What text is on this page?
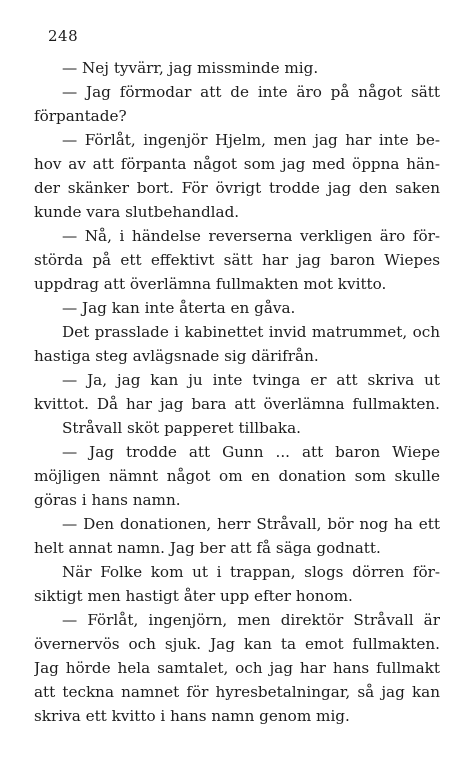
248
— Nej tyvärr, jag missminde mig.
— Jag förmodar att de inte äro på något sätt
förpantade?
— Förlåt, ingenjör Hjelm, men jag har inte be-
hov av att förpanta något som jag med öppna hän-
der skänker bort. För övrigt trodde jag den saken
kunde vara slutbehandlad.
— Nå, i händelse reverserna verkligen äro för-
störda på ett effektivt sätt har jag baron Wiepes
uppdrag att överlämna fullmakten mot kvitto.
— Jag kan inte återta en gåva.
Det prasslade i kabinettet invid matrummet, och
hastiga steg avlägsnade sig därifrån.
— Ja, jag kan ju inte tvinga er att skriva ut
kvittot. Då har jag bara att överlämna fullmakten.
Stråvall sköt papperet tillbaka.
— Jag trodde att Gunn ... att baron Wiepe
möjligen nämnt något om en donation som skulle
göras i hans namn.
— Den donationen, herr Stråvall, bör nog ha ett
helt annat namn. Jag ber att få säga godnatt.
När Folke kom ut i trappan, slogs dörren för-
siktigt men hastigt åter upp efter honom.
— Förlåt, ingenjörn, men direktör Stråvall är
övernervös och sjuk. Jag kan ta emot fullmakten.
Jag hörde hela samtalet, och jag har hans fullmakt
att teckna namnet för hyresbetalningar, så jag kan
skriva ett kvitto i hans namn genom mig.
